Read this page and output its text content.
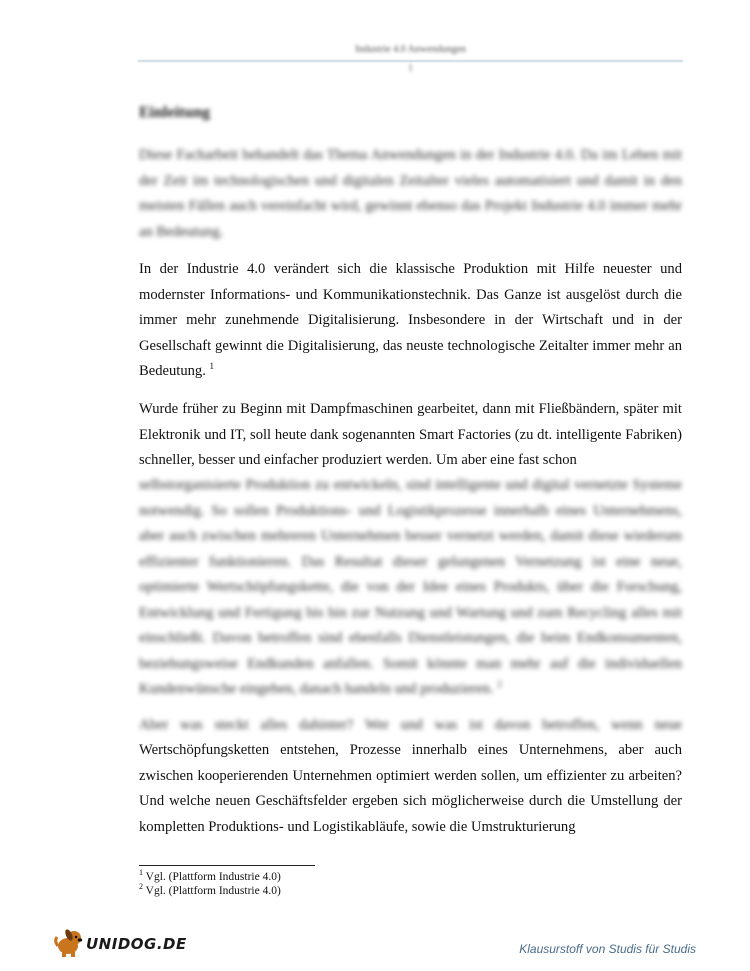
Industrie 4.0 Anwendungen
1
Einleitung

Diese Facharbeit behandelt das Thema Anwendungen in der Industrie 4.0. Da im Leben mit der Zeit im technologischen und digitalen Zeitalter vieles automatisiert und damit in den meisten Fällen auch vereinfacht wird, gewinnt ebenso das Projekt Industrie 4.0 immer mehr an Bedeutung.

In der Industrie 4.0 verändert sich die klassische Produktion mit Hilfe neuester und modernster Informations- und Kommunikationstechnik. Das Ganze ist ausgelöst durch die immer mehr zunehmende Digitalisierung. Insbesondere in der Wirtschaft und in der Gesellschaft gewinnt die Digitalisierung, das neuste technologische Zeitalter immer mehr an Bedeutung. $^1$

Wurde früher zu Beginn mit Dampfmaschinen gearbeitet, dann mit Fließbändern, später mit Elektronik und IT, soll heute dank sogenannten Smart Factories (zu dt. intelligente Fabriken) schneller, besser und einfacher produziert werden. Um aber eine fast schon

selbstorganisierte Produktion zu entwickeln, sind intelligente und digital vernetzte Systeme notwendig. So sollen Produktions- und Logistikprozesse innerhalb eines Unternehmens, aber auch zwischen mehreren Unternehmen besser vernetzt werden, damit diese wiederum effizienter funktionieren. Das Resultat dieser gelungenen Vernetzung ist eine neue, optimierte Wertschöpfungskette, die von der Idee eines Produkts, über die Forschung, Entwicklung und Fertigung bis hin zur Nutzung und Wartung und zum Recycling alles mit einschließt. Davon betroffen sind ebenfalls Dienstleistungen, die beim Endkonsumenten, beziehungsweise Endkunden anfallen. Somit könnte man mehr auf die individuellen Kundenwünsche eingehen, danach handeln und produzieren. $^2$

Aber was steckt alles dahinter? Wer und was ist davon betroffen, wenn neue

Wertschöpfungsketten entstehen, Prozesse innerhalb eines Unternehmens, aber auch zwischen kooperierenden Unternehmen optimiert werden sollen, um effizienter zu arbeiten? Und welche neuen Geschäftsfelder ergeben sich möglicherweise durch die Umstellung der kompletten Produktions- und Logistikabläufe, sowie die Umstrukturierung

$^1$ Vgl. (Plattform Industrie 4.0)
$^2$ Vgl. (Plattform Industrie 4.0)
UNIDOG.DE	Klausurstoff von Studis für Studis
